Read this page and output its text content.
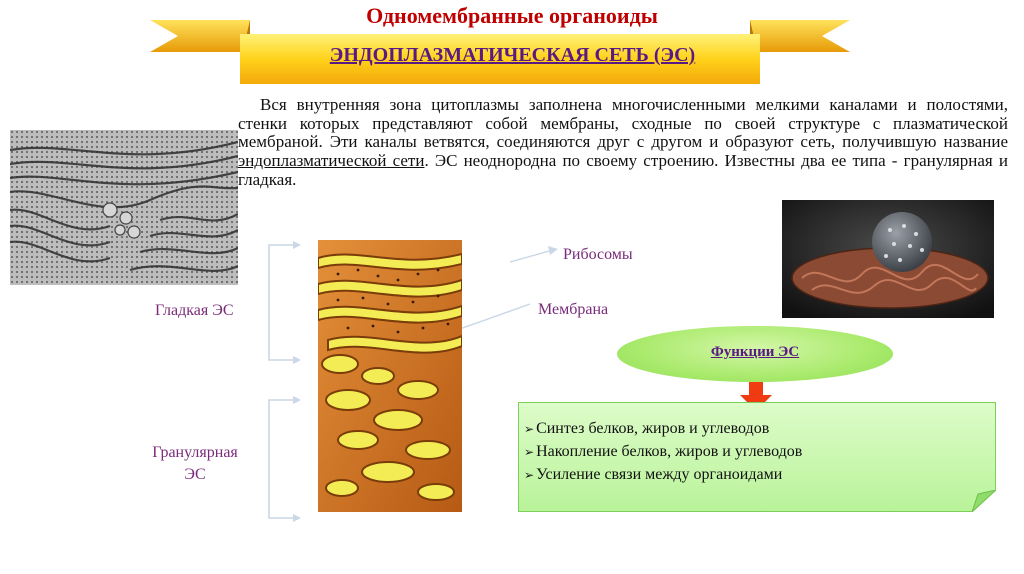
Одномембранные органоиды
ЭНДОПЛАЗМАТИЧЕСКАЯ СЕТЬ (ЭС)
Вся внутренняя зона цитоплазмы заполнена многочисленными мелкими каналами и полостями, стенки которых представляют собой мембраны, сходные по своей структуре с плазматической мембраной. Эти каналы ветвятся, соединяются друг с другом и образуют сеть, получившую название эндоплазматической сети. ЭС неоднородна по своему строению. Известны два ее типа - гранулярная и гладкая.
Гладкая ЭС
Гранулярная
ЭС
Рибосомы
Мембрана
Функции ЭС
➢ Синтез белков, жиров и углеводов
➢ Накопление белков, жиров и углеводов
➢ Усиление связи между органоидами
